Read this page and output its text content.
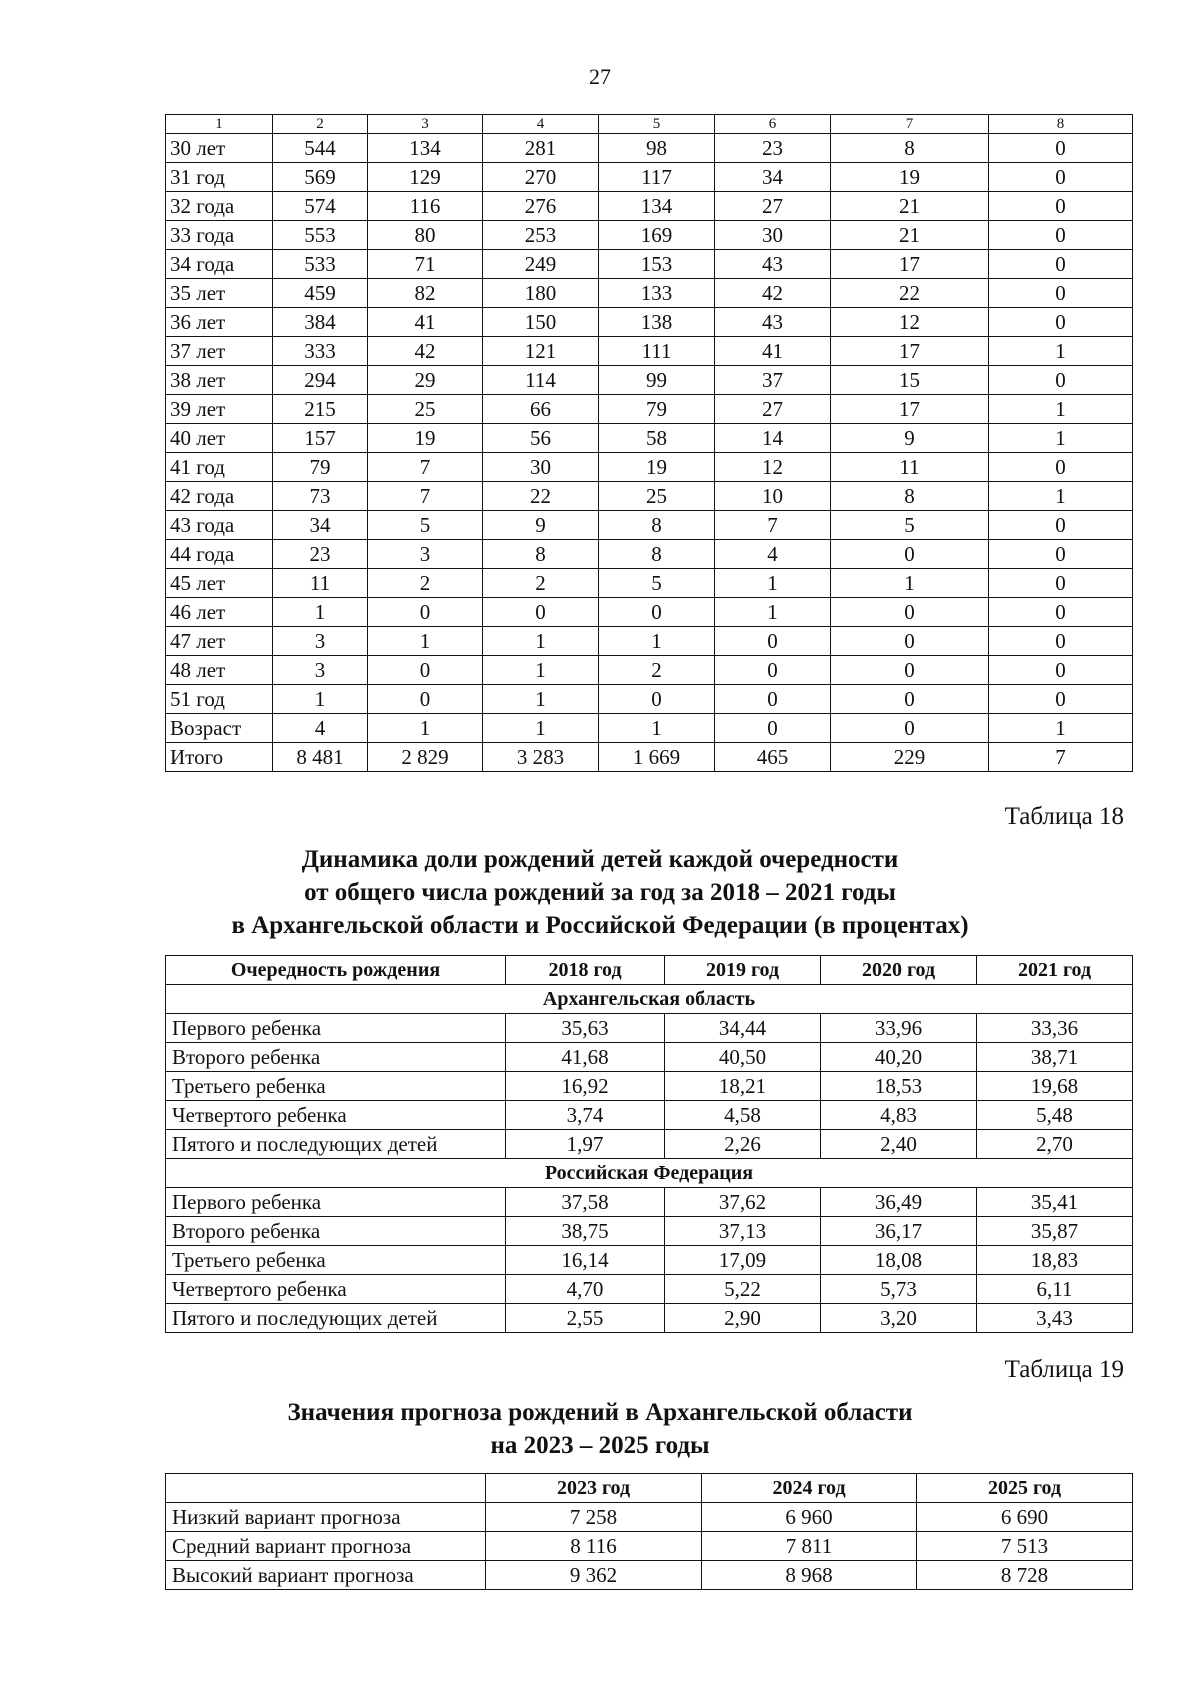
27
1	2	3	4	5	6	7	8
30 лет	544	134	281	98	23	8	0
31 год	569	129	270	117	34	19	0
32 года	574	116	276	134	27	21	0
33 года	553	80	253	169	30	21	0
34 года	533	71	249	153	43	17	0
35 лет	459	82	180	133	42	22	0
36 лет	384	41	150	138	43	12	0
37 лет	333	42	121	111	41	17	1
38 лет	294	29	114	99	37	15	0
39 лет	215	25	66	79	27	17	1
40 лет	157	19	56	58	14	9	1
41 год	79	7	30	19	12	11	0
42 года	73	7	22	25	10	8	1
43 года	34	5	9	8	7	5	0
44 года	23	3	8	8	4	0	0
45 лет	11	2	2	5	1	1	0
46 лет	1	0	0	0	1	0	0
47 лет	3	1	1	1	0	0	0
48 лет	3	0	1	2	0	0	0
51 год	1	0	1	0	0	0	0
Возраст	4	1	1	1	0	0	1
Итого	8 481	2 829	3 283	1 669	465	229	7
Таблица 18
Динамика доли рождений детей каждой очередности
от общего числа рождений за год за 2018 – 2021 годы
в Архангельской области и Российской Федерации (в процентах)
Очередность рождения	2018 год	2019 год	2020 год	2021 год
Архангельская область				
Первого ребенка	35,63	34,44	33,96	33,36
Второго ребенка	41,68	40,50	40,20	38,71
Третьего ребенка	16,92	18,21	18,53	19,68
Четвертого ребенка	3,74	4,58	4,83	5,48
Пятого и последующих детей	1,97	2,26	2,40	2,70
Российская Федерация				
Первого ребенка	37,58	37,62	36,49	35,41
Второго ребенка	38,75	37,13	36,17	35,87
Третьего ребенка	16,14	17,09	18,08	18,83
Четвертого ребенка	4,70	5,22	5,73	6,11
Пятого и последующих детей	2,55	2,90	3,20	3,43
Таблица 19
Значения прогноза рождений в Архангельской области
на 2023 – 2025 годы
	2023 год	2024 год	2025 год
Низкий вариант прогноза	7 258	6 960	6 690
Средний вариант прогноза	8 116	7 811	7 513
Высокий вариант прогноза	9 362	8 968	8 728
